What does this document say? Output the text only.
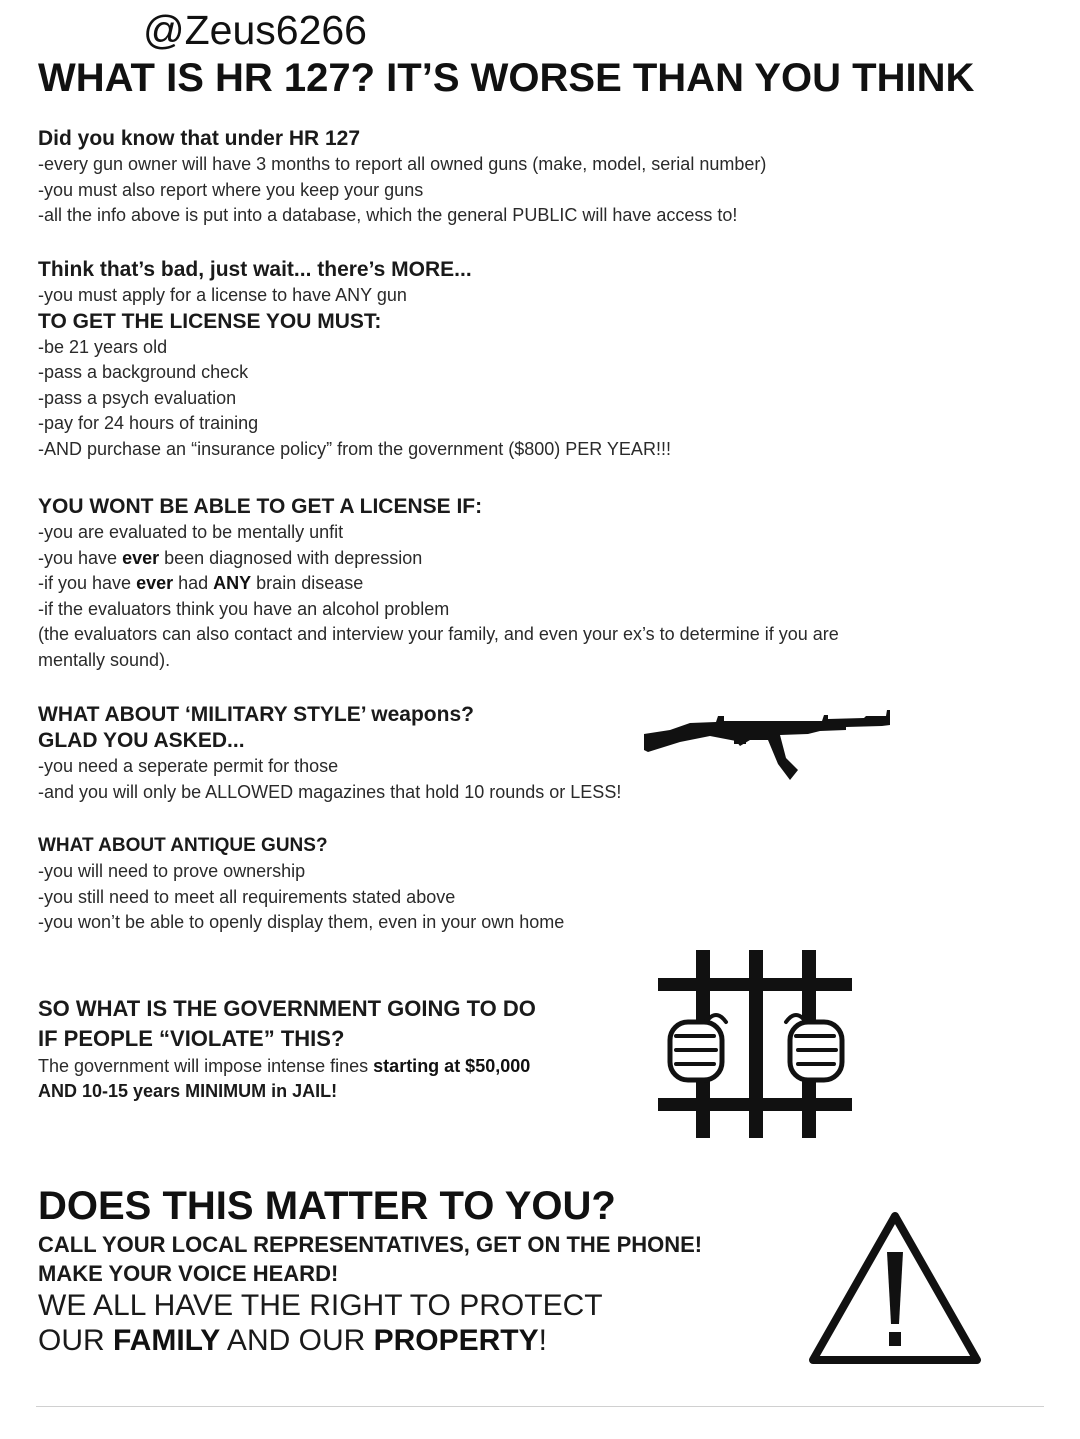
@Zeus6266
WHAT IS HR 127? IT’S WORSE THAN YOU THINK
Did you know that under HR 127
-every gun owner will have 3 months to report all owned guns (make, model, serial number)
-you must also report where you keep your guns
-all the info above is put into a database, which the general PUBLIC will have access to!
Think that’s bad, just wait... there’s MORE...
-you must apply for a license to have ANY gun
TO GET THE LICENSE YOU MUST:
-be 21 years old
-pass a background check
-pass a psych evaluation
-pay for 24 hours of training
-AND purchase an “insurance policy” from the government ($800) PER YEAR!!!
YOU WONT BE ABLE TO GET A LICENSE IF:
-you are evaluated to be mentally unfit
-you have ever been diagnosed with depression
-if you have ever had ANY brain disease
-if the evaluators think you have an alcohol problem
(the evaluators can also contact and interview your family, and even your ex’s to determine if you are
mentally sound).
WHAT ABOUT ‘MILITARY STYLE’ weapons?
GLAD YOU ASKED...
-you need a seperate permit for those
-and you will only be ALLOWED magazines that hold 10 rounds or LESS!
WHAT ABOUT ANTIQUE GUNS?
-you will need to prove ownership
-you still need to meet all requirements stated above
-you won’t be able to openly display them, even in your own home
SO WHAT IS THE GOVERNMENT GOING TO DO
IF PEOPLE “VIOLATE” THIS?
The government will impose intense fines starting at $50,000
AND 10-15 years MINIMUM in JAIL!
DOES THIS MATTER TO YOU?
CALL YOUR LOCAL REPRESENTATIVES, GET ON THE PHONE!
MAKE YOUR VOICE HEARD!
WE ALL HAVE THE RIGHT TO PROTECT
OUR FAMILY AND OUR PROPERTY!
